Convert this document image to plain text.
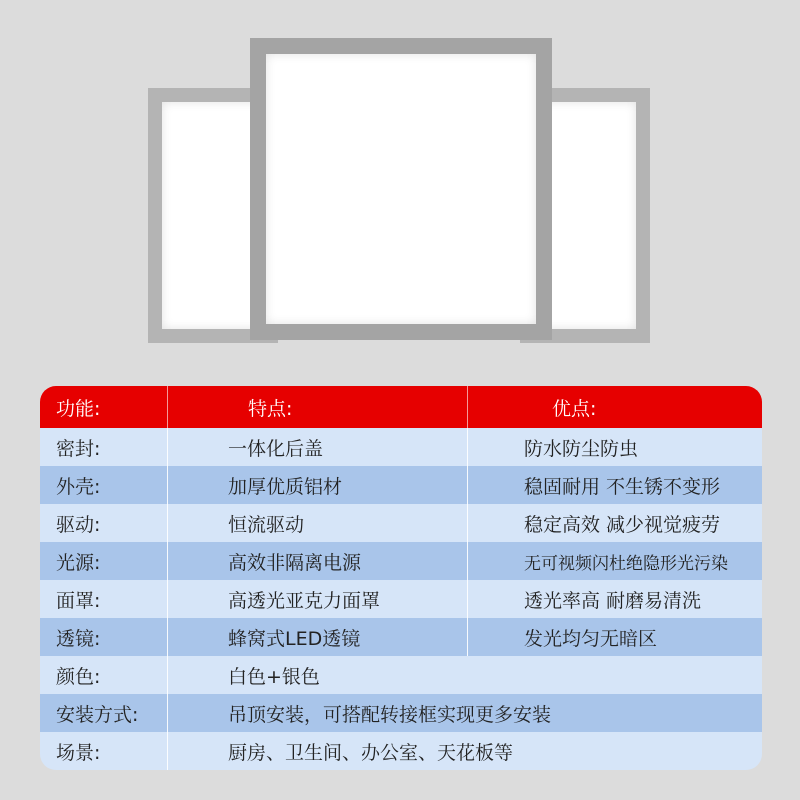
功能:	特点:	优点:
密封:	一体化后盖	防水防尘防虫
外壳:	加厚优质铝材	稳固耐用 不生锈不变形
驱动:	恒流驱动	稳定高效 减少视觉疲劳
光源:	高效非隔离电源	无可视频闪杜绝隐形光污染
面罩:	高透光亚克力面罩	透光率高 耐磨易清洗
透镜:	蜂窝式LED透镜	发光均匀无暗区
颜色:	白色+银色
安装方式:	吊顶安装，可搭配转接框实现更多安装
场景:	厨房、卫生间、办公室、天花板等
